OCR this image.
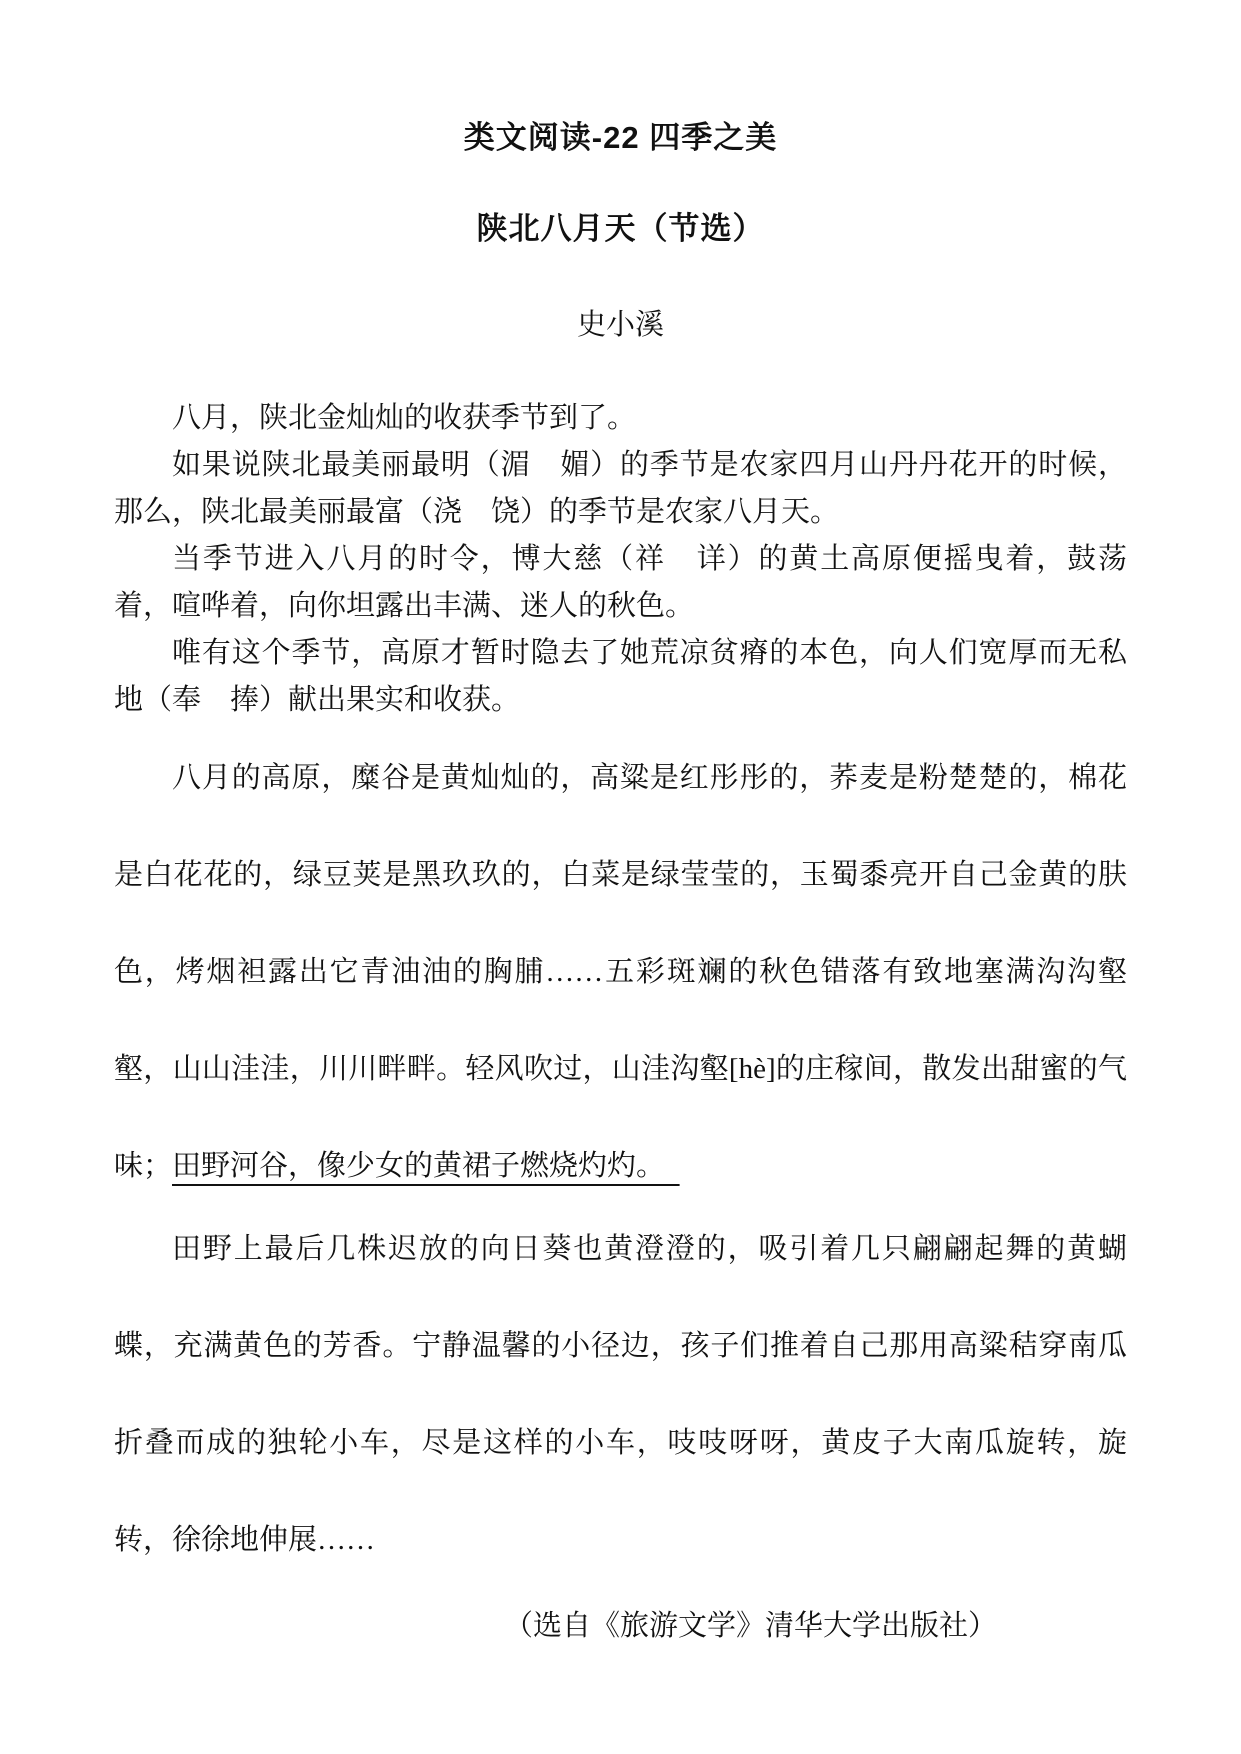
类文阅读-22 四季之美
陕北八月天（节选）
史小溪

八月，陕北金灿灿的收获季节到了。

如果说陕北最美丽最明（湄　媚）的季节是农家四月山丹丹花开的时候，那么，陕北最美丽最富（浇　饶）的季节是农家八月天。

当季节进入八月的时令，博大慈（祥　详）的黄土高原便摇曳着，鼓荡着，喧哗着，向你坦露出丰满、迷人的秋色。

唯有这个季节，高原才暂时隐去了她荒凉贫瘠的本色，向人们宽厚而无私地（奉　捧）献出果实和收获。

八月的高原，糜谷是黄灿灿的，高粱是红彤彤的，荞麦是粉楚楚的，棉花是白花花的，绿豆荚是黑玖玖的，白菜是绿莹莹的，玉蜀黍亮开自己金黄的肤色，烤烟袒露出它青油油的胸脯……五彩斑斓的秋色错落有致地塞满沟沟壑壑，山山洼洼，川川畔畔。轻风吹过，山洼沟壑[hè]的庄稼间，散发出甜蜜的气味；田野河谷，像少女的黄裙子燃烧灼灼。

田野上最后几株迟放的向日葵也黄澄澄的，吸引着几只翩翩起舞的黄蝴蝶，充满黄色的芳香。宁静温馨的小径边，孩子们推着自己那用高粱秸穿南瓜折叠而成的独轮小车，尽是这样的小车，吱吱呀呀，黄皮子大南瓜旋转，旋转，徐徐地伸展……

（选自《旅游文学》清华大学出版社）
